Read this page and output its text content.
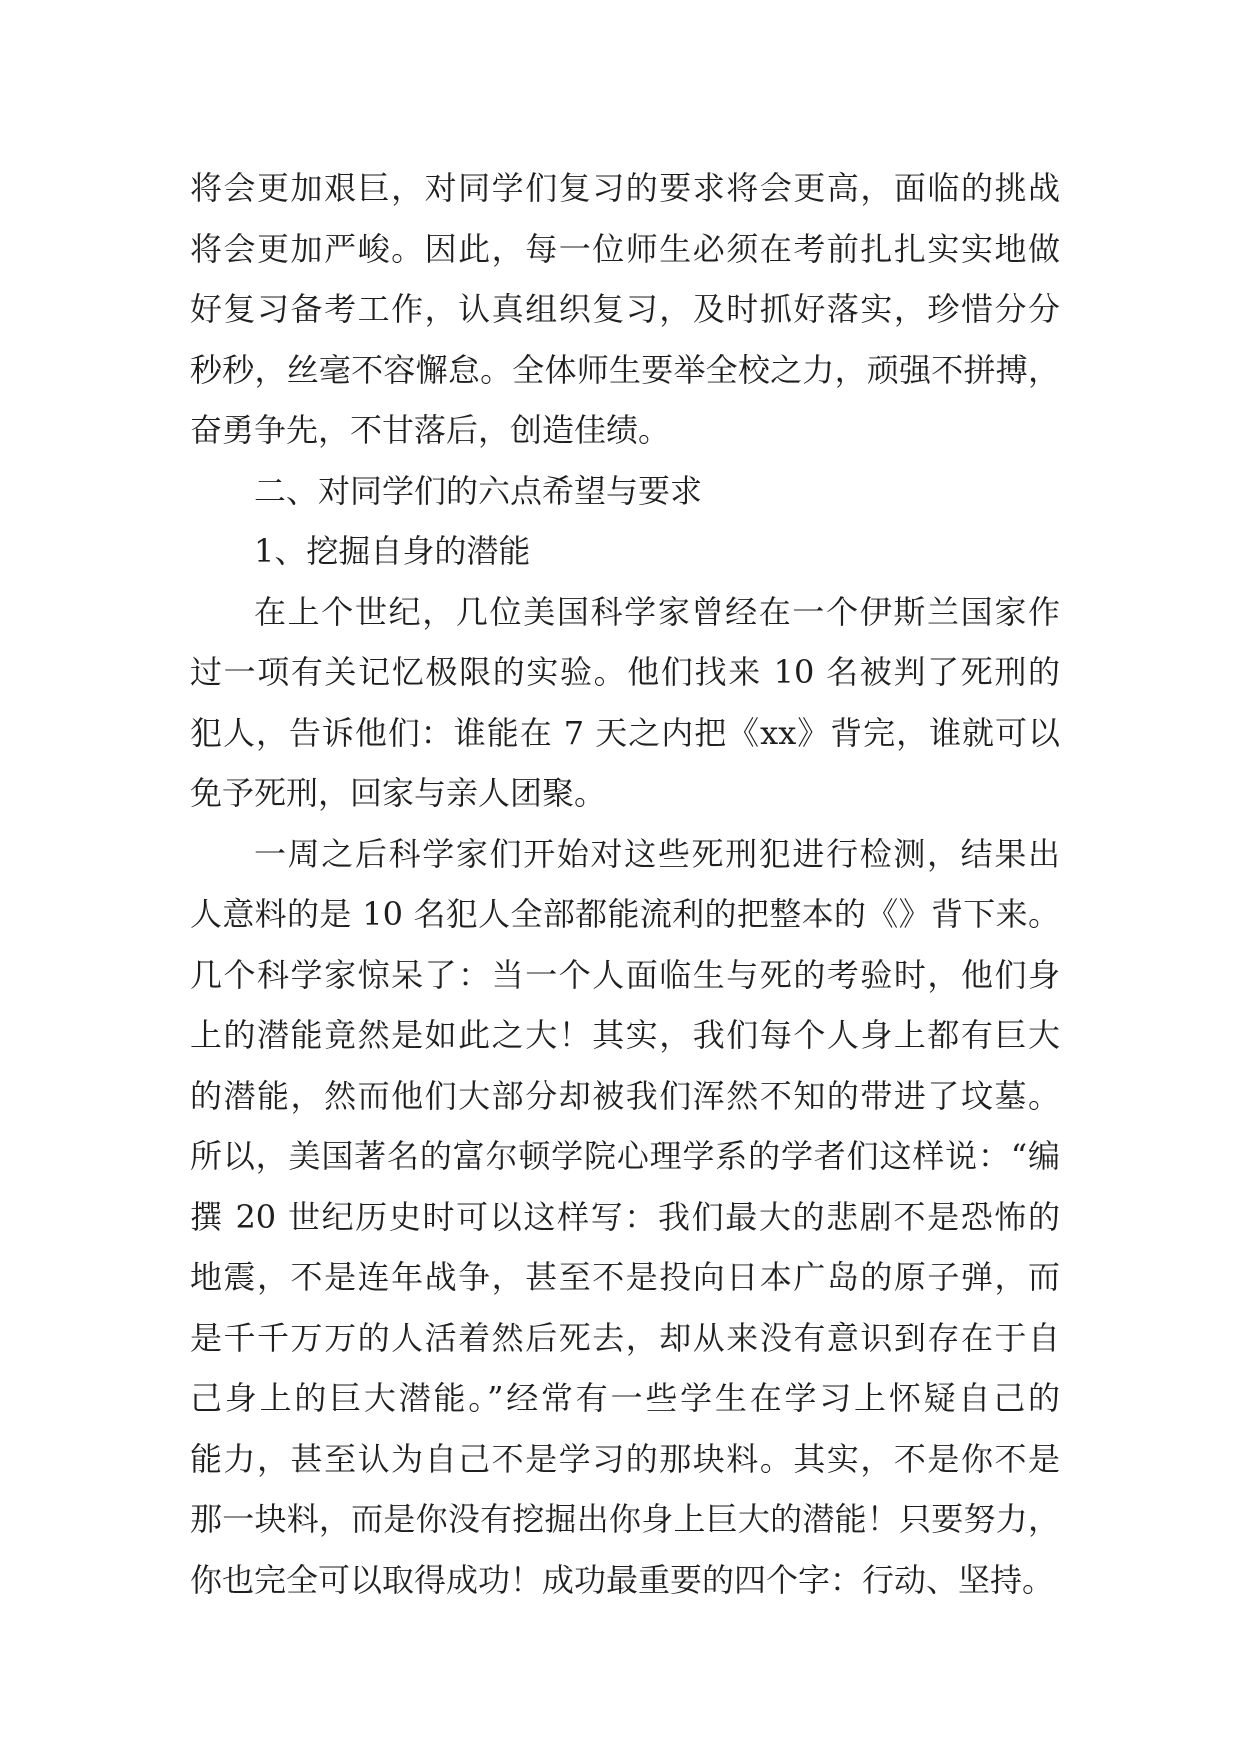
将会更加艰巨，对同学们复习的要求将会更高，面临的挑战
将会更加严峻。因此，每一位师生必须在考前扎扎实实地做
好复习备考工作，认真组织复习，及时抓好落实，珍惜分分
秒秒，丝毫不容懈怠。全体师生要举全校之力，顽强不拼搏，
奋勇争先，不甘落后，创造佳绩。
二、对同学们的六点希望与要求
1、挖掘自身的潜能
在上个世纪，几位美国科学家曾经在一个伊斯兰国家作
过一项有关记忆极限的实验。他们找来 10 名被判了死刑的
犯人，告诉他们：谁能在 7 天之内把《xx》背完，谁就可以
免予死刑，回家与亲人团聚。
一周之后科学家们开始对这些死刑犯进行检测，结果出
人意料的是 10 名犯人全部都能流利的把整本的《》背下来。
几个科学家惊呆了：当一个人面临生与死的考验时，他们身
上的潜能竟然是如此之大！其实，我们每个人身上都有巨大
的潜能，然而他们大部分却被我们浑然不知的带进了坟墓。
所以，美国著名的富尔顿学院心理学系的学者们这样说：“编
撰 20 世纪历史时可以这样写：我们最大的悲剧不是恐怖的
地震，不是连年战争，甚至不是投向日本广岛的原子弹，而
是千千万万的人活着然后死去，却从来没有意识到存在于自
己身上的巨大潜能。”经常有一些学生在学习上怀疑自己的
能力，甚至认为自己不是学习的那块料。其实，不是你不是
那一块料，而是你没有挖掘出你身上巨大的潜能！只要努力，
你也完全可以取得成功！成功最重要的四个字：行动、坚持。
